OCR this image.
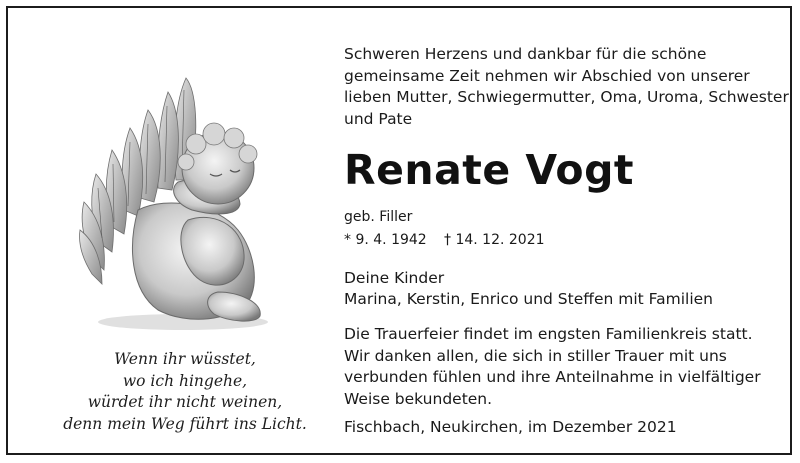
Wenn ihr wüsstet,
wo ich hingehe,
würdet ihr nicht weinen,
denn mein Weg führt ins Licht.
Schweren Herzens und dankbar für die schöne
gemeinsame Zeit nehmen wir Abschied von unserer
lieben Mutter, Schwiegermutter, Oma, Uroma, Schwester
und Pate
Renate Vogt
geb. Filler
* 9. 4. 1942 † 14. 12. 2021
Deine Kinder
Marina, Kerstin, Enrico und Steffen mit Familien
Die Trauerfeier findet im engsten Familienkreis statt.
Wir danken allen, die sich in stiller Trauer mit uns
verbunden fühlen und ihre Anteilnahme in vielfältiger
Weise bekundeten.
Fischbach, Neukirchen, im Dezember 2021
